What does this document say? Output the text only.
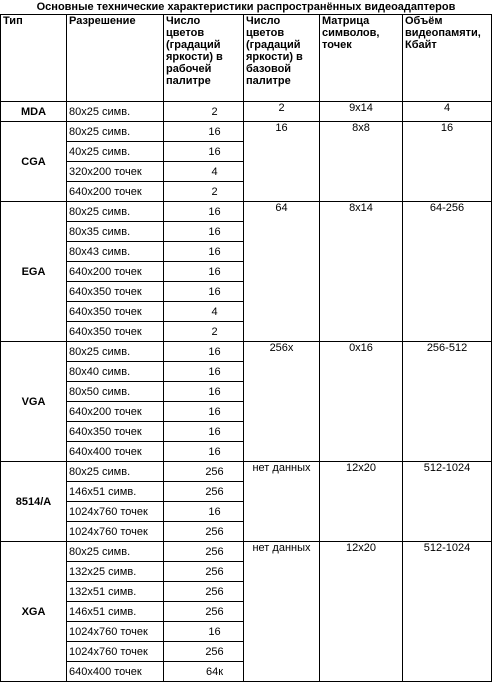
Основные технические характеристики распространённых видеоадаптеров
Тип	Разрешение	Число цветов (градаций яркости) в рабочей палитре	Число цветов (градаций яркости) в базовой палитре	Матрица символов, точек	Объём видеопамяти, Кбайт
MDA	80x25 симв.	2	2	9x14	4
CGA	80x25 симв.	16	16	8x8	16
	40x25 симв.	16			
	320x200 точек	4			
	640x200 точек	2			
EGA	80x25 симв.	16	64	8x14	64-256
	80x35 симв.	16			
	80x43 симв.	16			
	640x200 точек	16			
	640x350 точек	16			
	640x350 точек	4			
	640x350 точек	2			
VGA	80x25 симв.	16	256х	0x16	256-512
	80x40 симв.	16			
	80x50 симв.	16			
	640x200 точек	16			
	640x350 точек	16			
	640x400 точек	16			
8514/A	80x25 симв.	256	нет данных	12x20	512-1024
	146x51 симв.	256			
	1024x760 точек	16			
	1024x760 точек	256			
XGA	80x25 симв.	256	нет данных	12x20	512-1024
	132x25 симв.	256			
	132x51 симв.	256			
	146x51 симв.	256			
	1024x760 точек	16			
	1024x760 точек	256			
	640x400 точек	64к			
